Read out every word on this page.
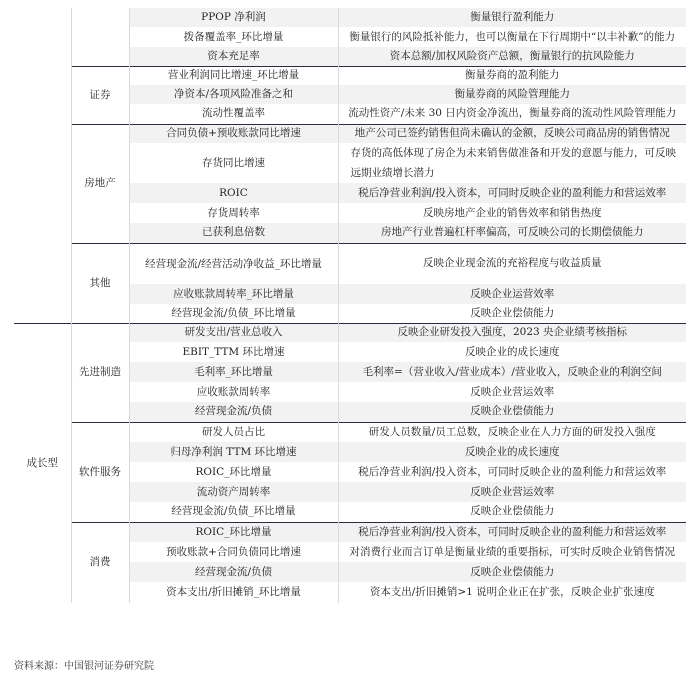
		PPOP 净利润	衡量银行盈利能力
		拨备覆盖率_环比增量	衡量银行的风险抵补能力，也可以衡量在下行周期中“以丰补歉”的能力
		资本充足率	资本总额/加权风险资产总额，衡量银行的抗风险能力
	证券	营业利润同比增速_环比增量	衡量券商的盈利能力
		净资本/各项风险准备之和	衡量券商的风险管理能力
		流动性覆盖率	流动性资产/未来 30 日内资金净流出，衡量券商的流动性风险管理能力
	房地产	合同负债+预收账款同比增速	地产公司已签约销售但尚未确认的金额，反映公司商品房的销售情况
		存货同比增速	存货的高低体现了房企为未来销售做准备和开发的意愿与能力，可反映远期业绩增长潜力
		ROIC	税后净营业利润/投入资本，可同时反映企业的盈利能力和营运效率
		存货周转率	反映房地产企业的销售效率和销售热度
		已获利息倍数	房地产行业普遍杠杆率偏高，可反映公司的长期偿债能力
	其他	经营现金流/经营活动净收益_环比增量	反映企业现金流的充裕程度与收益质量
		应收账款周转率_环比增量	反映企业运营效率
		经营现金流/负债_环比增量	反映企业偿债能力
成长型	先进制造	研发支出/营业总收入	反映企业研发投入强度，2023 央企业绩考核指标
		EBIT_TTM 环比增速	反映企业的成长速度
		毛利率_环比增量	毛利率=（营业收入/营业成本）/营业收入，反映企业的利润空间
		应收账款周转率	反映企业营运效率
		经营现金流/负债	反映企业偿债能力
	软件服务	研发人员占比	研发人员数量/员工总数，反映企业在人力方面的研发投入强度
		归母净利润 TTM 环比增速	反映企业的成长速度
		ROIC_环比增量	税后净营业利润/投入资本，可同时反映企业的盈利能力和营运效率
		流动资产周转率	反映企业营运效率
		经营现金流/负债_环比增量	反映企业偿债能力
	消费	ROIC_环比增量	税后净营业利润/投入资本，可同时反映企业的盈利能力和营运效率
		预收账款+合同负债同比增速	对消费行业而言订单是衡量业绩的重要指标，可实时反映企业销售情况
		经营现金流/负债	反映企业偿债能力
		资本支出/折旧摊销_环比增量	资本支出/折旧摊销>1 说明企业正在扩张，反映企业扩张速度
资料来源：中国银河证券研究院
